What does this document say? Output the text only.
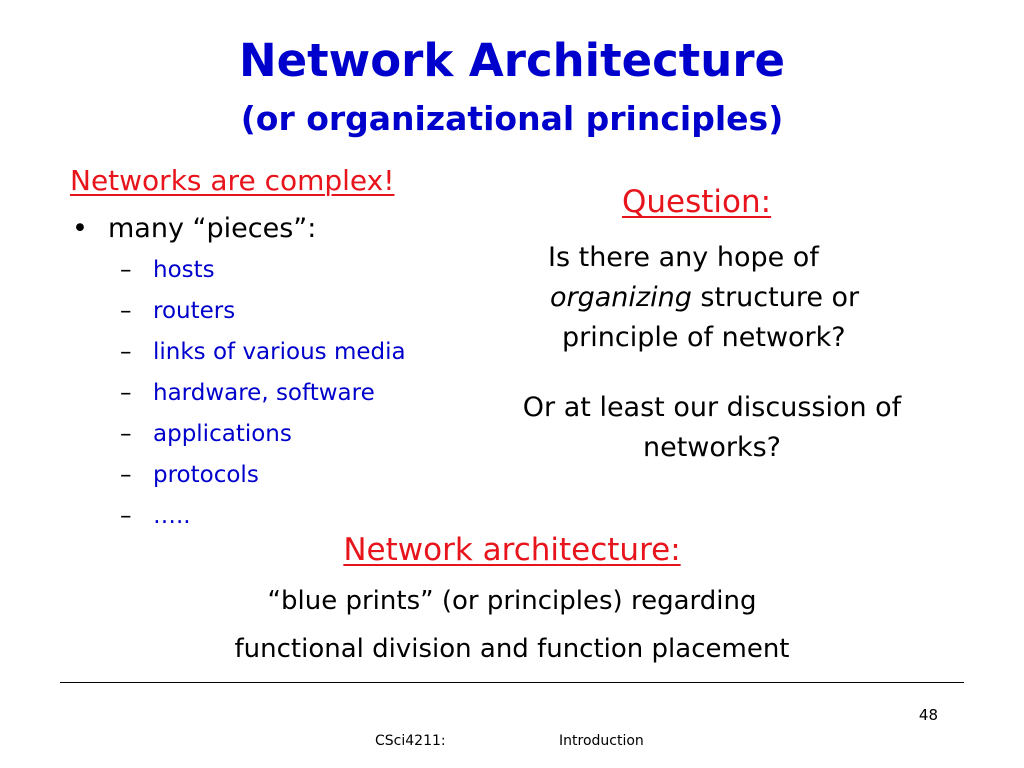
Network Architecture
(or organizational principles)
Networks are complex!
• many “pieces”:
– hosts
– routers
– links of various media
– hardware, software
– applications
– protocols
– …..
Question:
Is there any hope of
organizing structure or
principle of network?
Or at least our discussion of
networks?
Network architecture:
“blue prints” (or principles) regarding
functional division and function placement
48
CSci4211:	Introduction
